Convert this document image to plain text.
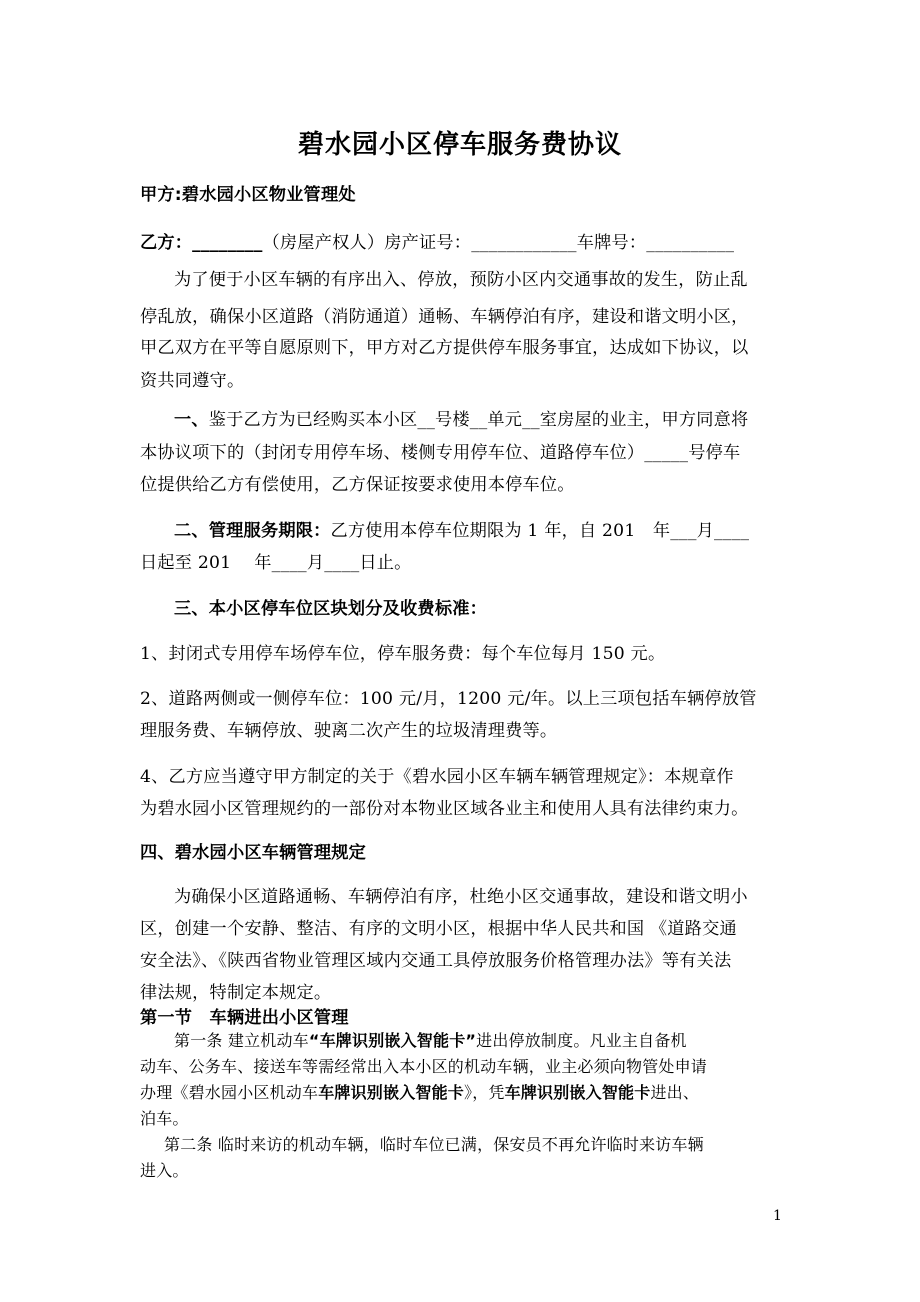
碧水园小区停车服务费协议
甲方:碧水园小区物业管理处
乙方：________（房屋产权人）房产证号：____________车牌号：__________
为了便于小区车辆的有序出入、停放，预防小区内交通事故的发生，防止乱
停乱放，确保小区道路（消防通道）通畅、车辆停泊有序，建设和谐文明小区，
甲乙双方在平等自愿原则下，甲方对乙方提供停车服务事宜，达成如下协议，以
资共同遵守。
一、鉴于乙方为已经购买本小区__号楼__单元__室房屋的业主，甲方同意将
本协议项下的（封闭专用停车场、楼侧专用停车位、道路停车位）_____号停车
位提供给乙方有偿使用，乙方保证按要求使用本停车位。
二、管理服务期限：乙方使用本停车位期限为 1 年，自 201　年___月____
日起至 201　 年____月____日止。
三、本小区停车位区块划分及收费标准：
1、封闭式专用停车场停车位，停车服务费：每个车位每月 150 元。
2、道路两侧或一侧停车位：100 元/月，1200 元/年。以上三项包括车辆停放管
理服务费、车辆停放、驶离二次产生的垃圾清理费等。
4、乙方应当遵守甲方制定的关于《碧水园小区车辆车辆管理规定》：本规章作
为碧水园小区管理规约的一部份对本物业区域各业主和使用人具有法律约束力。
四、碧水园小区车辆管理规定
为确保小区道路通畅、车辆停泊有序，杜绝小区交通事故，建设和谐文明小
区，创建一个安静、整洁、有序的文明小区，根据中华人民共和国 《道路交通
安全法》、《陕西省物业管理区域内交通工具停放服务价格管理办法》等有关法
律法规，特制定本规定。
第一节　车辆进出小区管理
第一条 建立机动车“车牌识别嵌入智能卡”进出停放制度。凡业主自备机
动车、公务车、接送车等需经常出入本小区的机动车辆，业主必须向物管处申请
办理《碧水园小区机动车车牌识别嵌入智能卡》，凭车牌识别嵌入智能卡进出、
泊车。
第二条 临时来访的机动车辆，临时车位已满，保安员不再允许临时来访车辆
进入。
1
